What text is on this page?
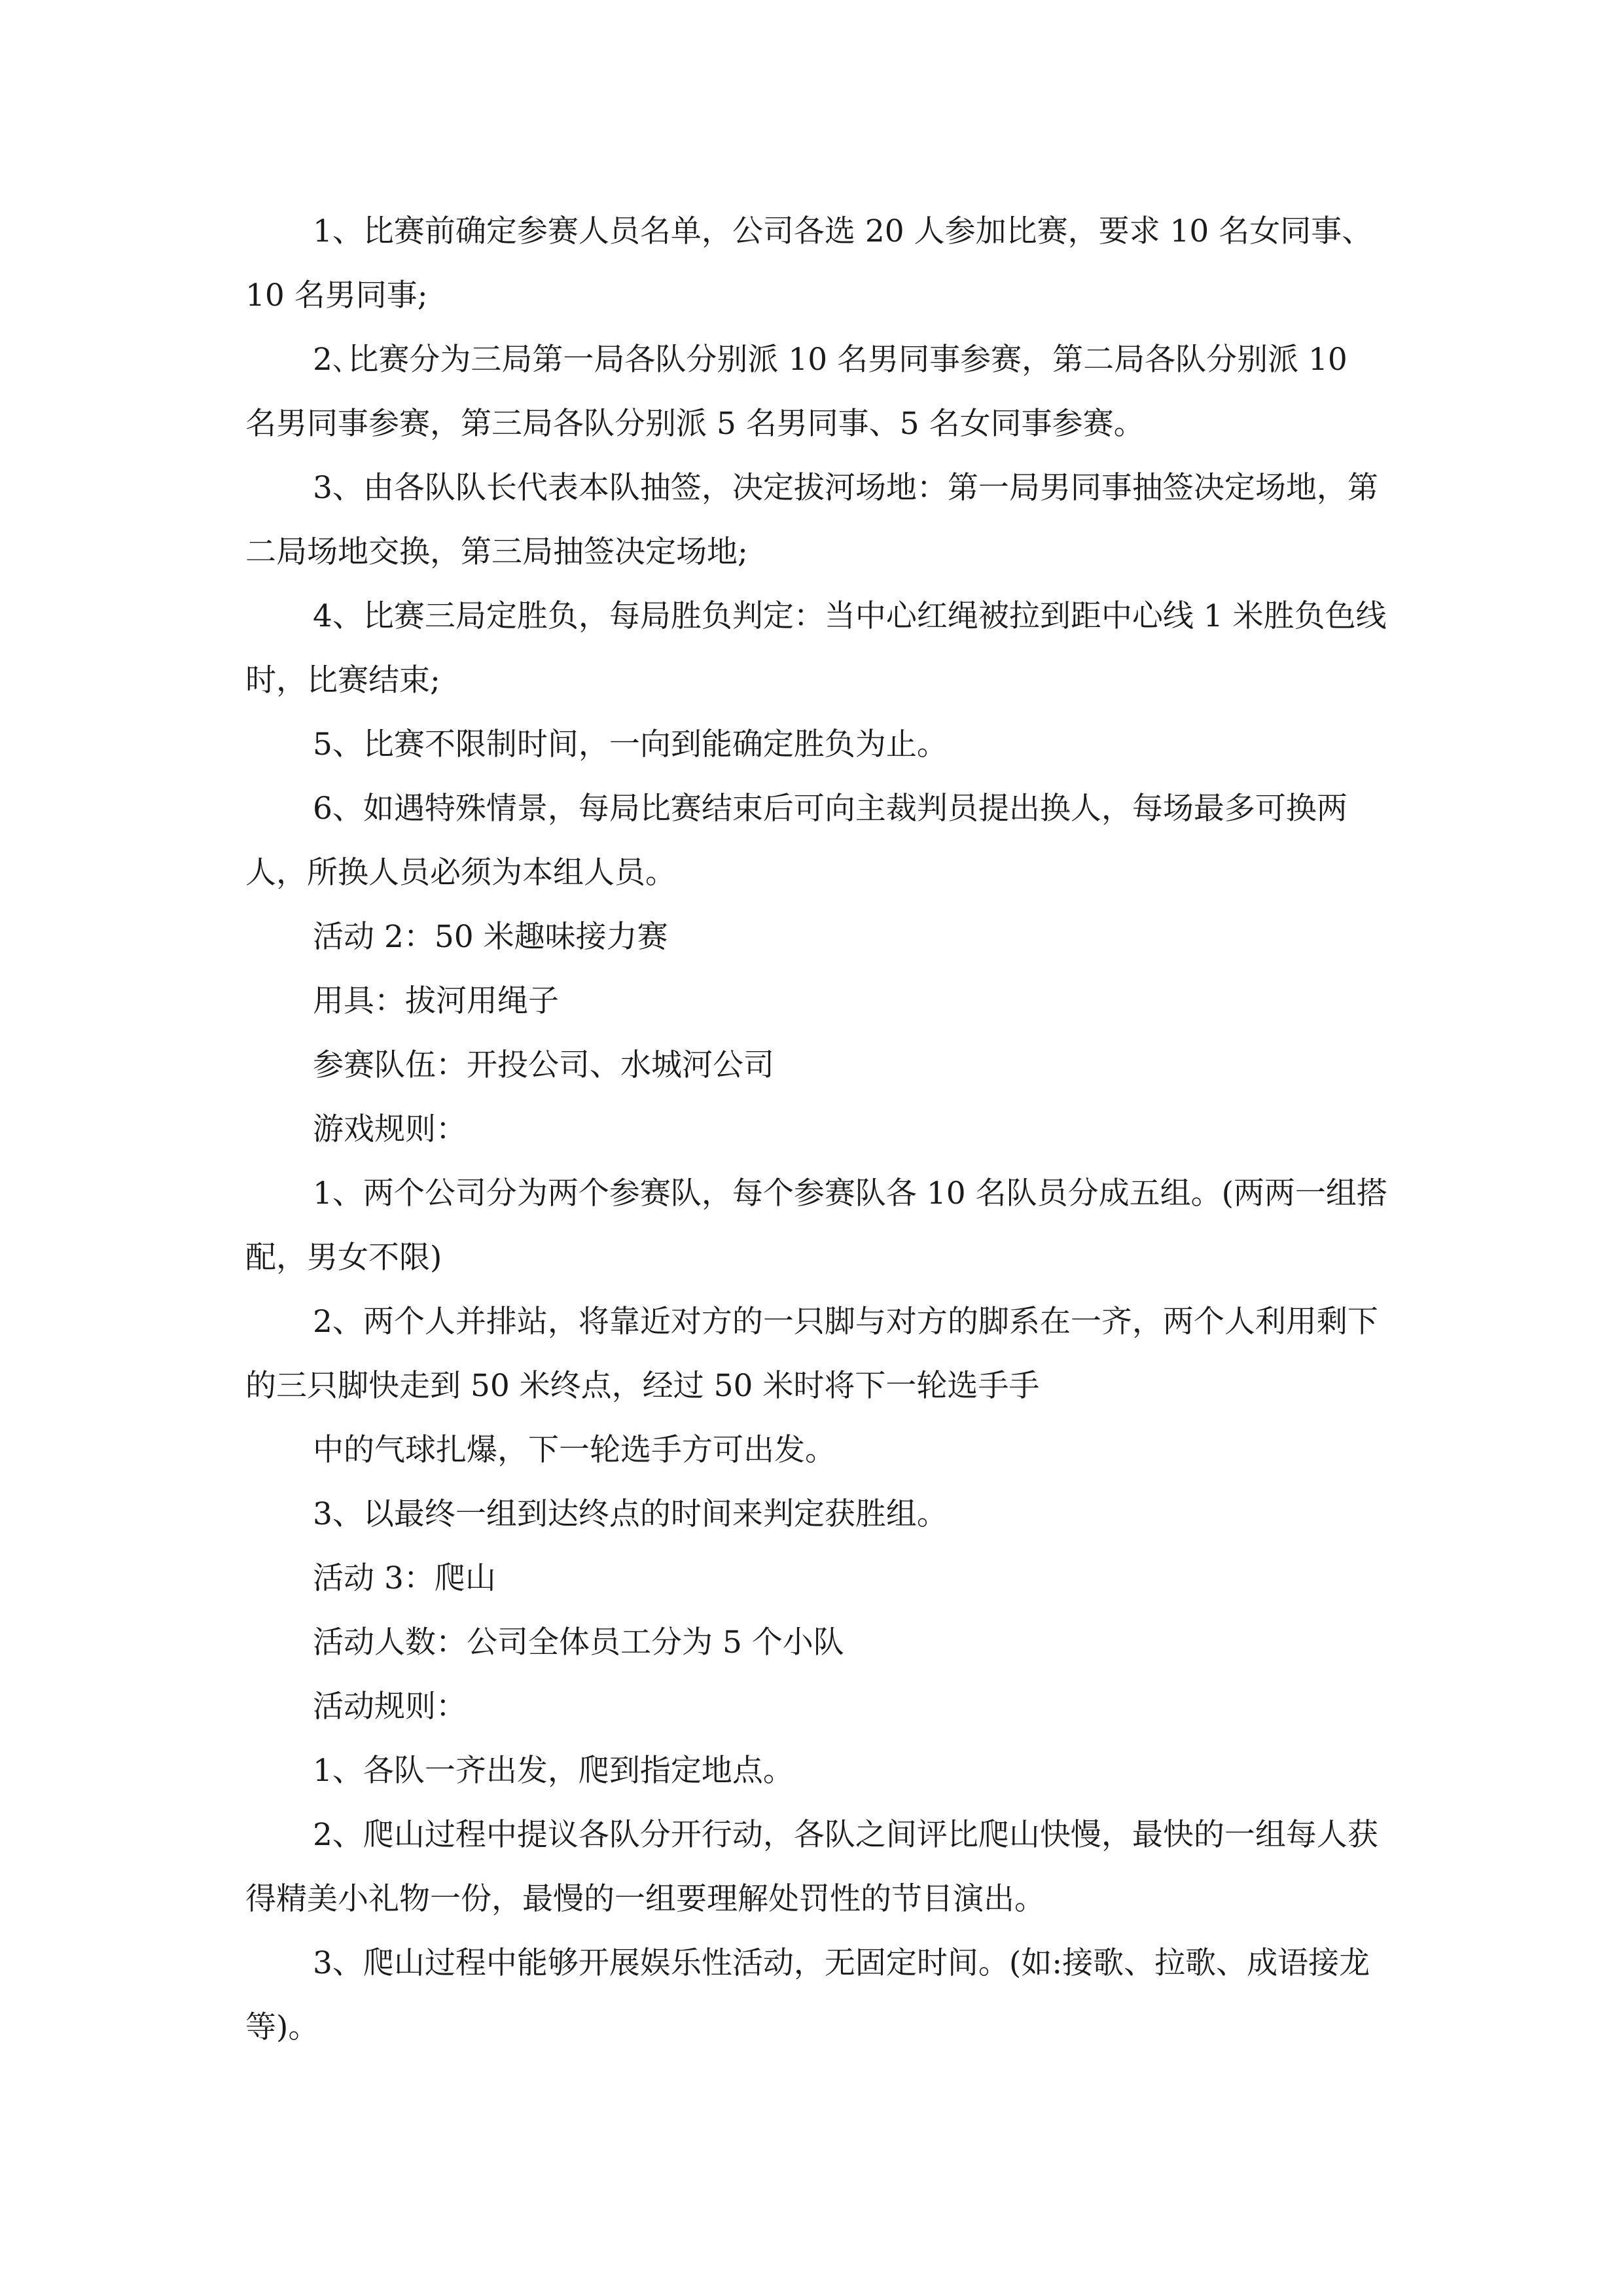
1、比赛前确定参赛人员名单，公司各选 20 人参加比赛，要求 10 名女同事、10 名男同事;

2､比赛分为三局第一局各队分别派 10 名男同事参赛，第二局各队分别派 10 名男同事参赛，第三局各队分别派 5 名男同事、5 名女同事参赛。

3、由各队队长代表本队抽签，决定拔河场地：第一局男同事抽签决定场地，第二局场地交换，第三局抽签决定场地;

4、比赛三局定胜负，每局胜负判定：当中心红绳被拉到距中心线 1 米胜负色线时，比赛结束;

5、比赛不限制时间，一向到能确定胜负为止。

6、如遇特殊情景，每局比赛结束后可向主裁判员提出换人，每场最多可换两人，所换人员必须为本组人员。

活动 2：50 米趣味接力赛

用具：拔河用绳子

参赛队伍：开投公司、水城河公司

游戏规则：

1、两个公司分为两个参赛队，每个参赛队各 10 名队员分成五组。(两两一组搭配，男女不限)

2、两个人并排站，将靠近对方的一只脚与对方的脚系在一齐，两个人利用剩下的三只脚快走到 50 米终点，经过 50 米时将下一轮选手手

中的气球扎爆，下一轮选手方可出发。

3、以最终一组到达终点的时间来判定获胜组。

活动 3：爬山

活动人数：公司全体员工分为 5 个小队

活动规则：

1、各队一齐出发，爬到指定地点。

2、爬山过程中提议各队分开行动，各队之间评比爬山快慢，最快的一组每人获得精美小礼物一份，最慢的一组要理解处罚性的节目演出。

3、爬山过程中能够开展娱乐性活动，无固定时间。(如:接歌、拉歌、成语接龙等)。
